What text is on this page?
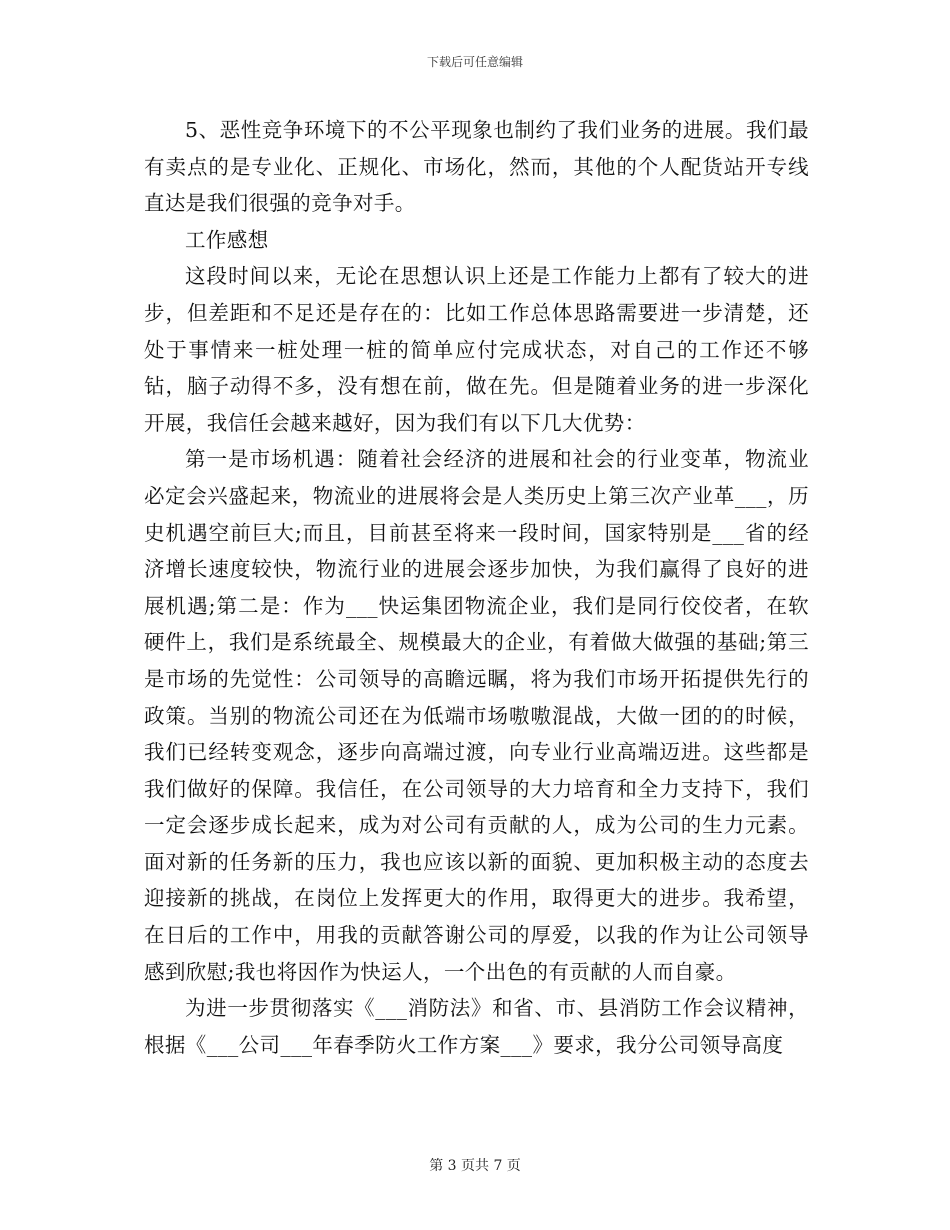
下载后可任意编辑

5、恶性竞争环境下的不公平现象也制约了我们业务的进展。我们最有卖点的是专业化、正规化、市场化，然而，其他的个人配货站开专线直达是我们很强的竞争对手。

工作感想

这段时间以来，无论在思想认识上还是工作能力上都有了较大的进步，但差距和不足还是存在的：比如工作总体思路需要进一步清楚，还处于事情来一桩处理一桩的简单应付完成状态，对自己的工作还不够钻，脑子动得不多，没有想在前，做在先。但是随着业务的进一步深化开展，我信任会越来越好，因为我们有以下几大优势：

第一是市场机遇：随着社会经济的进展和社会的行业变革，物流业必定会兴盛起来，物流业的进展将会是人类历史上第三次产业革___，历史机遇空前巨大;而且，目前甚至将来一段时间，国家特别是___省的经济增长速度较快，物流行业的进展会逐步加快，为我们赢得了良好的进展机遇;第二是：作为___快运集团物流企业，我们是同行佼佼者，在软硬件上，我们是系统最全、规模最大的企业，有着做大做强的基础;第三是市场的先觉性：公司领导的高瞻远瞩，将为我们市场开拓提供先行的政策。当别的物流公司还在为低端市场嗷嗷混战，大做一团的的时候，我们已经转变观念，逐步向高端过渡，向专业行业高端迈进。这些都是我们做好的保障。我信任，在公司领导的大力培育和全力支持下，我们一定会逐步成长起来，成为对公司有贡献的人，成为公司的生力元素。面对新的任务新的压力，我也应该以新的面貌、更加积极主动的态度去迎接新的挑战，在岗位上发挥更大的作用，取得更大的进步。我希望，在日后的工作中，用我的贡献答谢公司的厚爱，以我的作为让公司领导感到欣慰;我也将因作为快运人，一个出色的有贡献的人而自豪。

为进一步贯彻落实《___消防法》和省、市、县消防工作会议精神，根据《___公司___年春季防火工作方案___》要求，我分公司领导高度

第 3 页共 7 页
